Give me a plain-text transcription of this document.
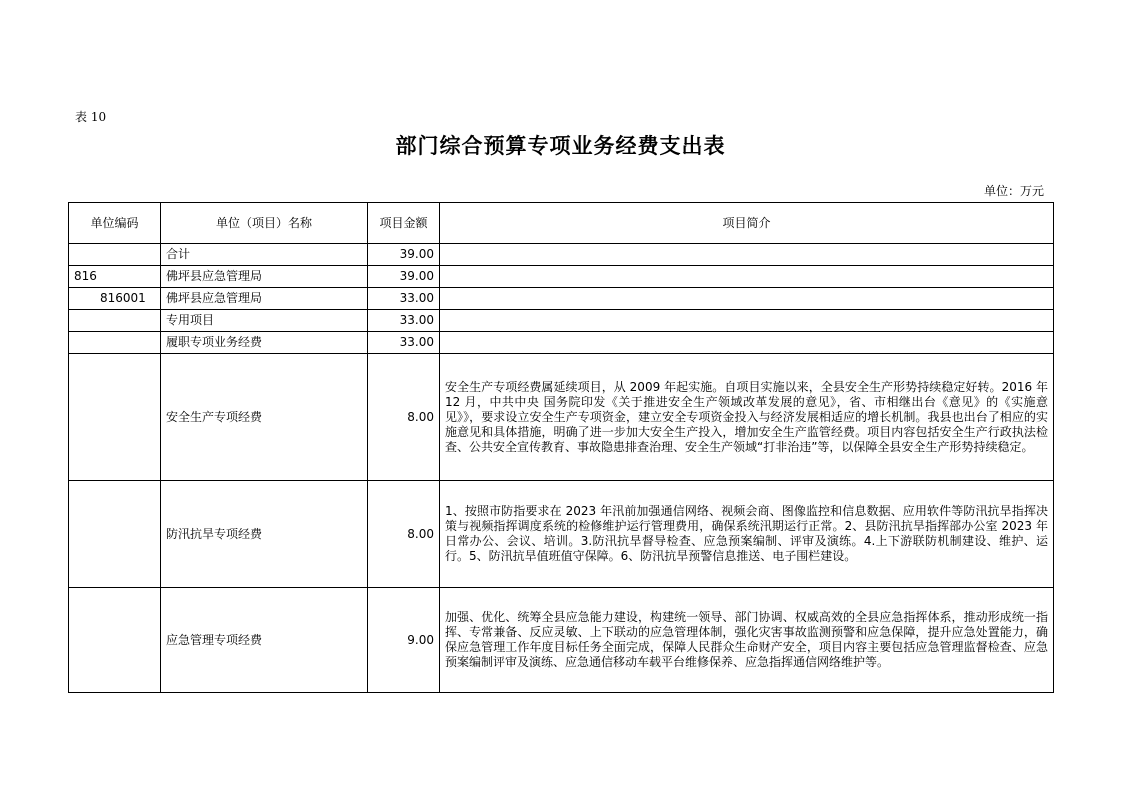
表 10
部门综合预算专项业务经费支出表
单位：万元
单位编码	单位（项目）名称	项目金额	项目简介
	合计	39.00	
816	佛坪县应急管理局	39.00	
816001	佛坪县应急管理局	33.00	
	专用项目	33.00	
	履职专项业务经费	33.00	
	安全生产专项经费	8.00	安全生产专项经费属延续项目，从 2009 年起实施。自项目实施以来，全县安全生产形势持续稳定好转。2016 年 12 月，中共中央 国务院印发《关于推进安全生产领域改革发展的意见》，省、市相继出台《意见》的《实施意见》》，要求设立安全生产专项资金，建立安全专项资金投入与经济发展相适应的增长机制。我县也出台了相应的实施意见和具体措施，明确了进一步加大安全生产投入，增加安全生产监管经费。项目内容包括安全生产行政执法检查、公共安全宣传教育、事故隐患排查治理、安全生产领域“打非治违”等，以保障全县安全生产形势持续稳定。
	防汛抗旱专项经费	8.00	1、按照市防指要求在 2023 年汛前加强通信网络、视频会商、图像监控和信息数据、应用软件等防汛抗旱指挥决策与视频指挥调度系统的检修维护运行管理费用，确保系统汛期运行正常。2、县防汛抗旱指挥部办公室 2023 年日常办公、会议、培训。3.防汛抗旱督导检查、应急预案编制、评审及演练。4.上下游联防机制建设、维护、运行。5、防汛抗旱值班值守保障。6、防汛抗旱预警信息推送、电子围栏建设。
	应急管理专项经费	9.00	加强、优化、统筹全县应急能力建设，构建统一领导、部门协调、权威高效的全县应急指挥体系，推动形成统一指挥、专常兼备、反应灵敏、上下联动的应急管理体制，强化灾害事故监测预警和应急保障，提升应急处置能力，确保应急管理工作年度目标任务全面完成，保障人民群众生命财产安全，项目内容主要包括应急管理监督检查、应急预案编制评审及演练、应急通信移动车载平台维修保养、应急指挥通信网络维护等。
